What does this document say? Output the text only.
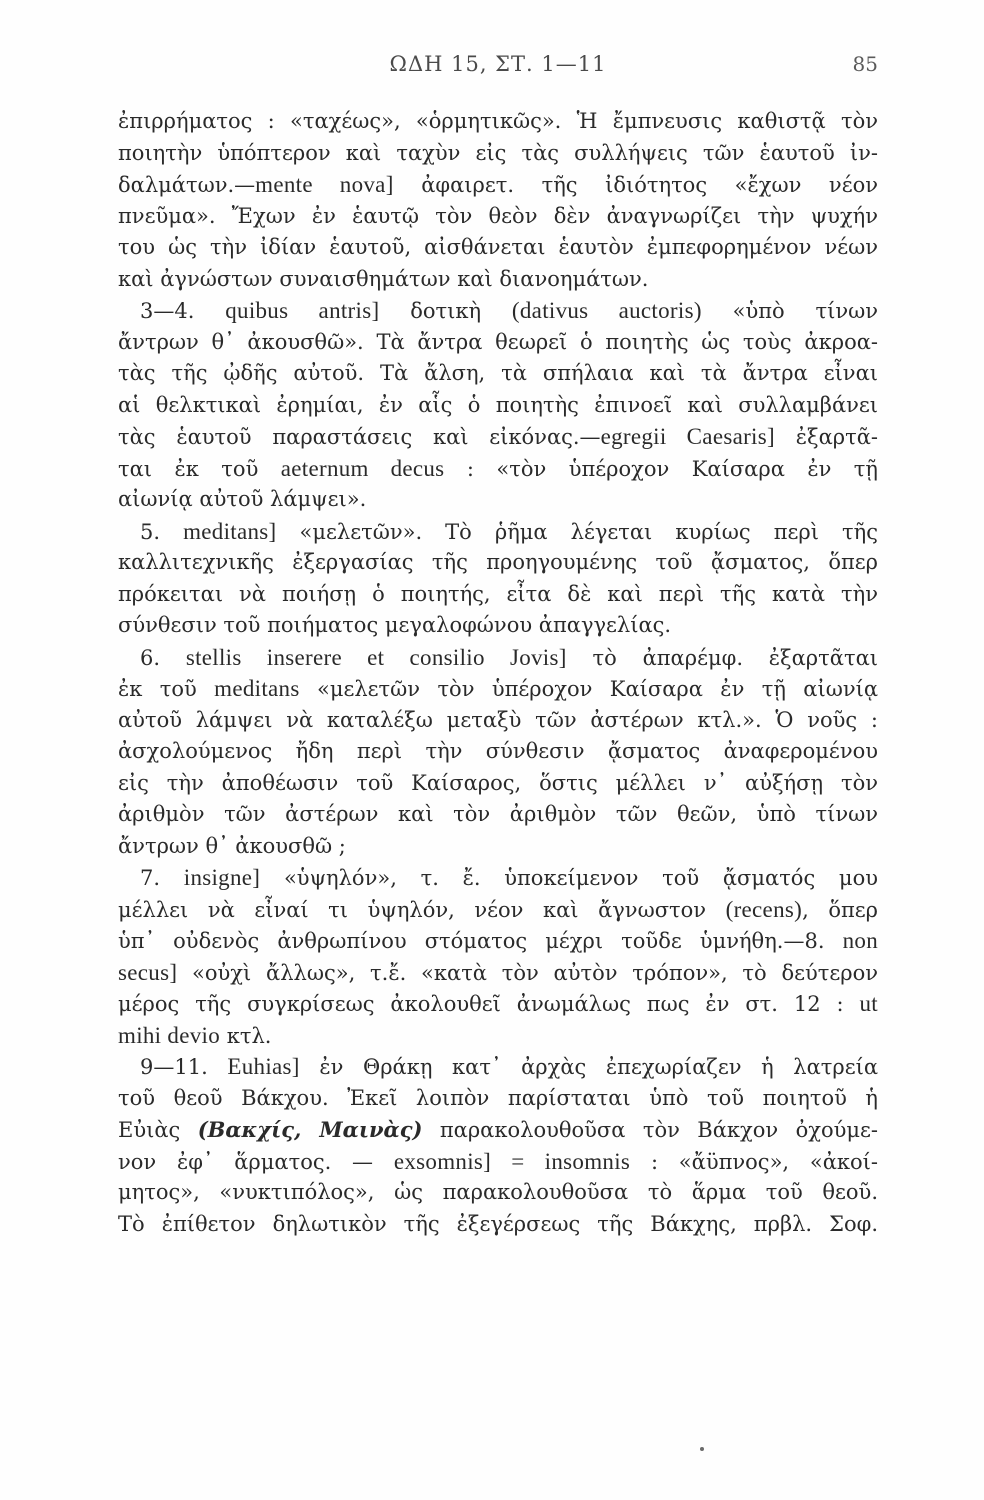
ΩΔΗ 15, ΣΤ. 1—11	85
ἐπιρρήματος : «ταχέως», «ὁρμητικῶς». Ἡ ἔμπνευσις καθιστᾷ τὸν
ποιητὴν ὑπόπτερον καὶ ταχὺν εἰς τὰς συλλήψεις τῶν ἑαυτοῦ ἰν-
δαλμάτων.—mente nova] ἀφαιρετ. τῆς ἰδιότητος «ἔχων νέον
πνεῦμα». Ἔχων ἐν ἑαυτῷ τὸν θεὸν δὲν ἀναγνωρίζει τὴν ψυχήν
του ὡς τὴν ἰδίαν ἑαυτοῦ, αἰσθάνεται ἑαυτὸν ἐμπεφορημένον νέων
καὶ ἀγνώστων συναισθημάτων καὶ διανοημάτων.
3—4. quibus antris] δοτικὴ (dativus auctoris) «ὑπὸ τίνων
ἄντρων θ᾽ ἀκουσθῶ». Τὰ ἄντρα θεωρεῖ ὁ ποιητὴς ὡς τοὺς ἀκροα-
τὰς τῆς ᾠδῆς αὐτοῦ. Τὰ ἄλση, τὰ σπήλαια καὶ τὰ ἄντρα εἶναι
αἱ θελκτικαὶ ἐρημίαι, ἐν αἷς ὁ ποιητὴς ἐπινοεῖ καὶ συλλαμβάνει
τὰς ἑαυτοῦ παραστάσεις καὶ εἰκόνας.—egregii Caesaris] ἐξαρτᾶ-
ται ἐκ τοῦ aeternum decus : «τὸν ὑπέροχον Καίσαρα ἐν τῇ
αἰωνίᾳ αὐτοῦ λάμψει».
5. meditans] «μελετῶν». Τὸ ῥῆμα λέγεται κυρίως περὶ τῆς
καλλιτεχνικῆς ἐξεργασίας τῆς προηγουμένης τοῦ ᾄσματος, ὅπερ
πρόκειται νὰ ποιήσῃ ὁ ποιητής, εἶτα δὲ καὶ περὶ τῆς κατὰ τὴν
σύνθεσιν τοῦ ποιήματος μεγαλοφώνου ἀπαγγελίας.
6. stellis inserere et consilio Jovis] τὸ ἀπαρέμφ. ἐξαρτᾶται
ἐκ τοῦ meditans «μελετῶν τὸν ὑπέροχον Καίσαρα ἐν τῇ αἰωνίᾳ
αὐτοῦ λάμψει νὰ καταλέξω μεταξὺ τῶν ἀστέρων κτλ.». Ὁ νοῦς :
ἀσχολούμενος ἤδη περὶ τὴν σύνθεσιν ᾄσματος ἀναφερομένου
εἰς τὴν ἀποθέωσιν τοῦ Καίσαρος, ὅστις μέλλει ν᾽ αὐξήσῃ τὸν
ἀριθμὸν τῶν ἀστέρων καὶ τὸν ἀριθμὸν τῶν θεῶν, ὑπὸ τίνων
ἄντρων θ᾽ ἀκουσθῶ ;
7. insigne] «ὑψηλόν», τ. ἔ. ὑποκείμενον τοῦ ᾄσματός μου
μέλλει νὰ εἶναί τι ὑψηλόν, νέον καὶ ἄγνωστον (recens), ὅπερ
ὑπ᾽ οὐδενὸς ἀνθρωπίνου στόματος μέχρι τοῦδε ὑμνήθη.—8. non
secus] «οὐχὶ ἄλλως», τ.ἔ. «κατὰ τὸν αὐτὸν τρόπον», τὸ δεύτερον
μέρος τῆς συγκρίσεως ἀκολουθεῖ ἀνωμάλως πως ἐν στ. 12 : ut
mihi devio κτλ.
9—11. Euhias] ἐν Θράκῃ κατ᾽ ἀρχὰς ἐπεχωρίαζεν ἡ λατρεία
τοῦ θεοῦ Βάκχου. Ἐκεῖ λοιπὸν παρίσταται ὑπὸ τοῦ ποιητοῦ ἡ
Εὐιὰς (Βακχίς, Μαινὰς) παρακολουθοῦσα τὸν Βάκχον ὀχούμε-
νον ἐφ᾽ ἅρματος. — exsomnis] = insomnis : «ἄϋπνος», «ἀκοί-
μητος», «νυκτιπόλος», ὡς παρακολουθοῦσα τὸ ἅρμα τοῦ θεοῦ.
Τὸ ἐπίθετον δηλωτικὸν τῆς ἐξεγέρσεως τῆς Βάκχης, πρβλ. Σοφ.
